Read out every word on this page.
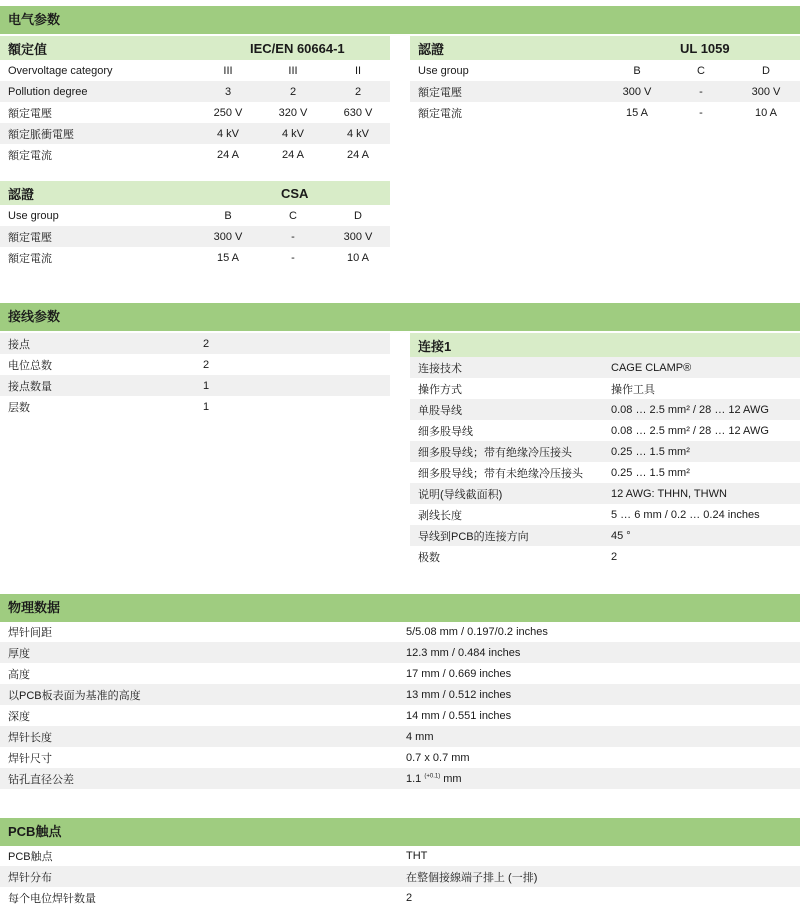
电气参数
額定值	IEC/EN 60664-1
Overvoltage category	III	III	II
Pollution degree	3	2	2
額定電壓	250 V	320 V	630 V
額定脈衝電壓	4 kV	4 kV	4 kV
額定電流	24 A	24 A	24 A
認證	UL 1059
Use group	B	C	D
額定電壓	300 V	-	300 V
額定電流	15 A	-	10 A
認證	CSA
Use group	B	C	D
額定電壓	300 V	-	300 V
額定電流	15 A	-	10 A
接线参数
接点	2
电位总数	2
接点数量	1
层数	1
连接1
连接技术	CAGE CLAMP®
操作方式	操作工具
单股导线	0.08 … 2.5 mm² / 28 … 12 AWG
细多股导线	0.08 … 2.5 mm² / 28 … 12 AWG
细多股导线；带有绝缘冷压接头	0.25 … 1.5 mm²
细多股导线；带有未绝缘冷压接头	0.25 … 1.5 mm²
说明(导线截面积)	12 AWG: THHN, THWN
剥线长度	5 … 6 mm / 0.2 … 0.24 inches
导线到PCB的连接方向	45 °
极数	2
物理数据
焊针间距	5/5.08 mm / 0.197/0.2 inches
厚度	12.3 mm / 0.484 inches
高度	17 mm / 0.669 inches
以PCB板表面为基准的高度	13 mm / 0.512 inches
深度	14 mm / 0.551 inches
焊针长度	4 mm
焊针尺寸	0.7 x 0.7 mm
钻孔直径公差	1.1 $^{(+0.1)}$ mm
PCB触点
PCB触点	THT
焊针分布	在整個接線端子排上 (一排)
每个电位焊针数量	2
